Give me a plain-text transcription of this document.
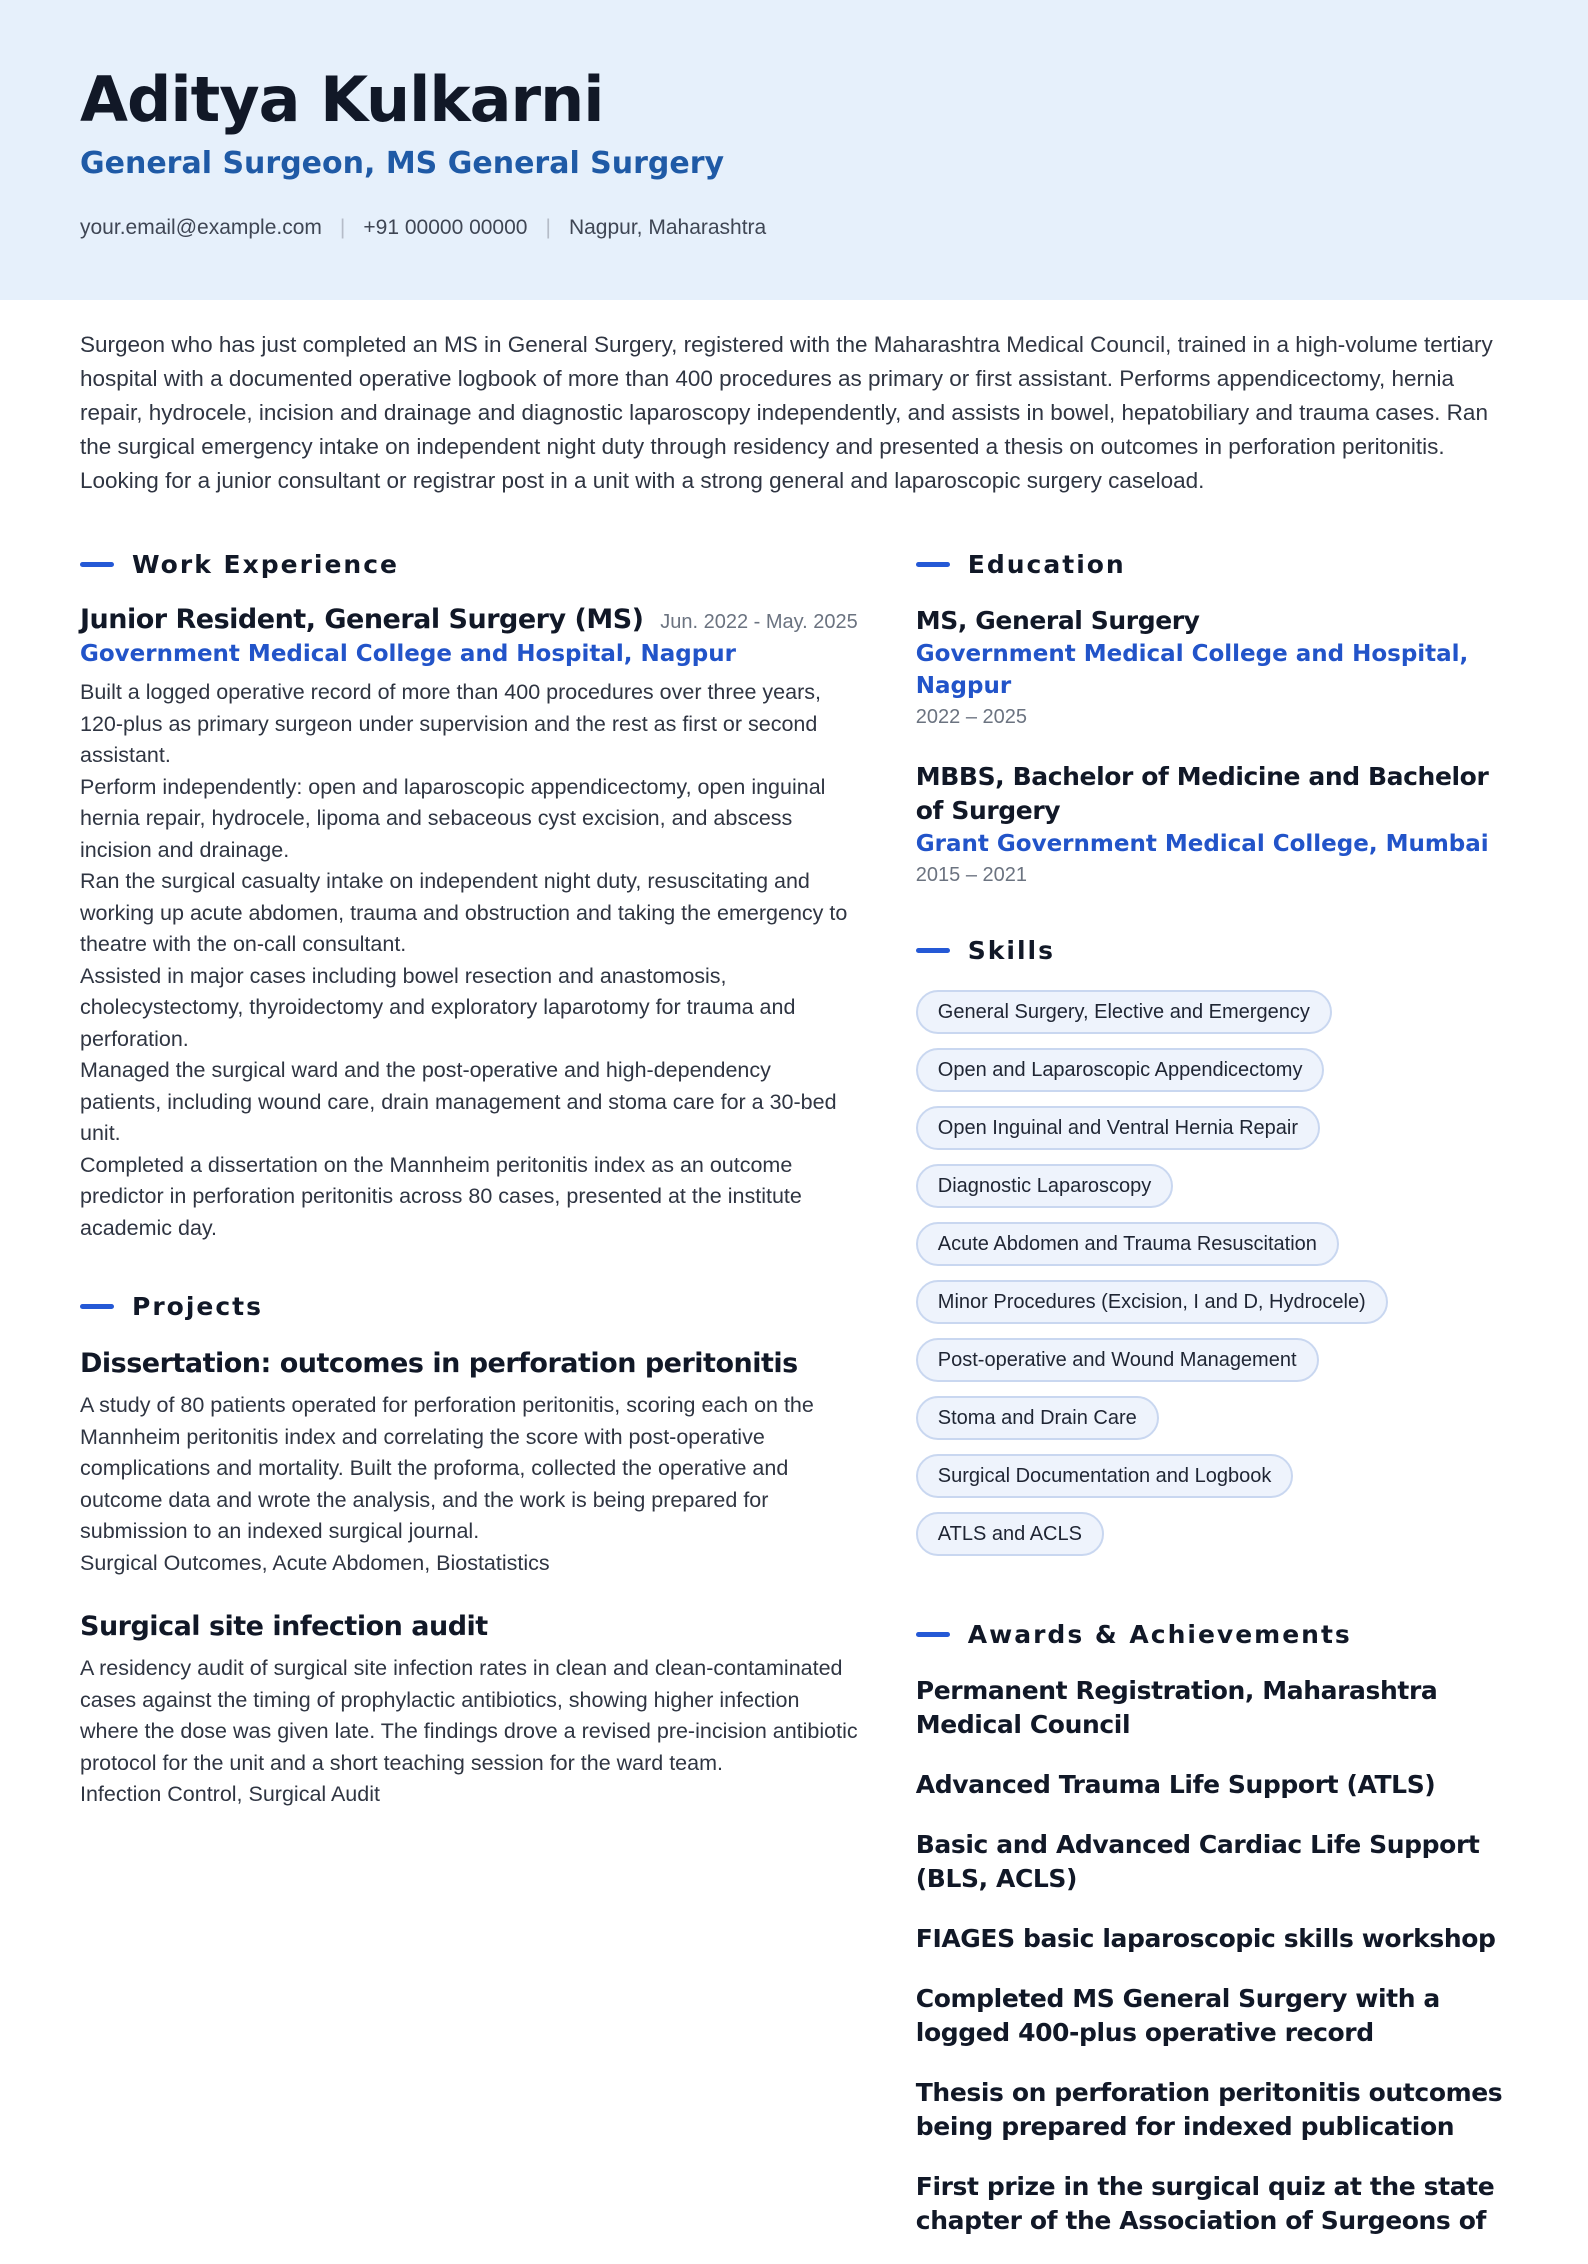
Aditya Kulkarni
General Surgeon, MS General Surgery
your.email@example.com | +91 00000 00000 | Nagpur, Maharashtra

Surgeon who has just completed an MS in General Surgery, registered with the Maharashtra Medical Council, trained in a high-volume tertiary hospital with a documented operative logbook of more than 400 procedures as primary or first assistant. Performs appendicectomy, hernia repair, hydrocele, incision and drainage and diagnostic laparoscopy independently, and assists in bowel, hepatobiliary and trauma cases. Ran the surgical emergency intake on independent night duty through residency and presented a thesis on outcomes in perforation peritonitis. Looking for a junior consultant or registrar post in a unit with a strong general and laparoscopic surgery caseload.

Work Experience
Junior Resident, General Surgery (MS) Jun. 2022 - May. 2025
Government Medical College and Hospital, Nagpur

Built a logged operative record of more than 400 procedures over three years, 120-plus as primary surgeon under supervision and the rest as first or second assistant.

Perform independently: open and laparoscopic appendicectomy, open inguinal hernia repair, hydrocele, lipoma and sebaceous cyst excision, and abscess incision and drainage.

Ran the surgical casualty intake on independent night duty, resuscitating and working up acute abdomen, trauma and obstruction and taking the emergency to theatre with the on-call consultant.

Assisted in major cases including bowel resection and anastomosis, cholecystectomy, thyroidectomy and exploratory laparotomy for trauma and perforation.

Managed the surgical ward and the post-operative and high-dependency patients, including wound care, drain management and stoma care for a 30-bed unit.

Completed a dissertation on the Mannheim peritonitis index as an outcome predictor in perforation peritonitis across 80 cases, presented at the institute academic day.

Projects
Dissertation: outcomes in perforation peritonitis

A study of 80 patients operated for perforation peritonitis, scoring each on the Mannheim peritonitis index and correlating the score with post-operative complications and mortality. Built the proforma, collected the operative and outcome data and wrote the analysis, and the work is being prepared for submission to an indexed surgical journal.

Surgical Outcomes, Acute Abdomen, Biostatistics

Surgical site infection audit

A residency audit of surgical site infection rates in clean and clean-contaminated cases against the timing of prophylactic antibiotics, showing higher infection where the dose was given late. The findings drove a revised pre-incision antibiotic protocol for the unit and a short teaching session for the ward team.

Infection Control, Surgical Audit

Education
MS, General Surgery
Government Medical College and Hospital, Nagpur
2022 – 2025
MBBS, Bachelor of Medicine and Bachelor of Surgery
Grant Government Medical College, Mumbai
2015 – 2021
Skills
General Surgery, Elective and Emergency
Open and Laparoscopic Appendicectomy
Open Inguinal and Ventral Hernia Repair
Diagnostic Laparoscopy
Acute Abdomen and Trauma Resuscitation
Minor Procedures (Excision, I and D, Hydrocele)
Post-operative and Wound Management
Stoma and Drain Care
Surgical Documentation and Logbook
ATLS and ACLS
Awards & Achievements
Permanent Registration, Maharashtra Medical Council
Advanced Trauma Life Support (ATLS)
Basic and Advanced Cardiac Life Support (BLS, ACLS)
FIAGES basic laparoscopic skills workshop
Completed MS General Surgery with a logged 400-plus operative record
Thesis on perforation peritonitis outcomes being prepared for indexed publication
First prize in the surgical quiz at the state chapter of the Association of Surgeons of
